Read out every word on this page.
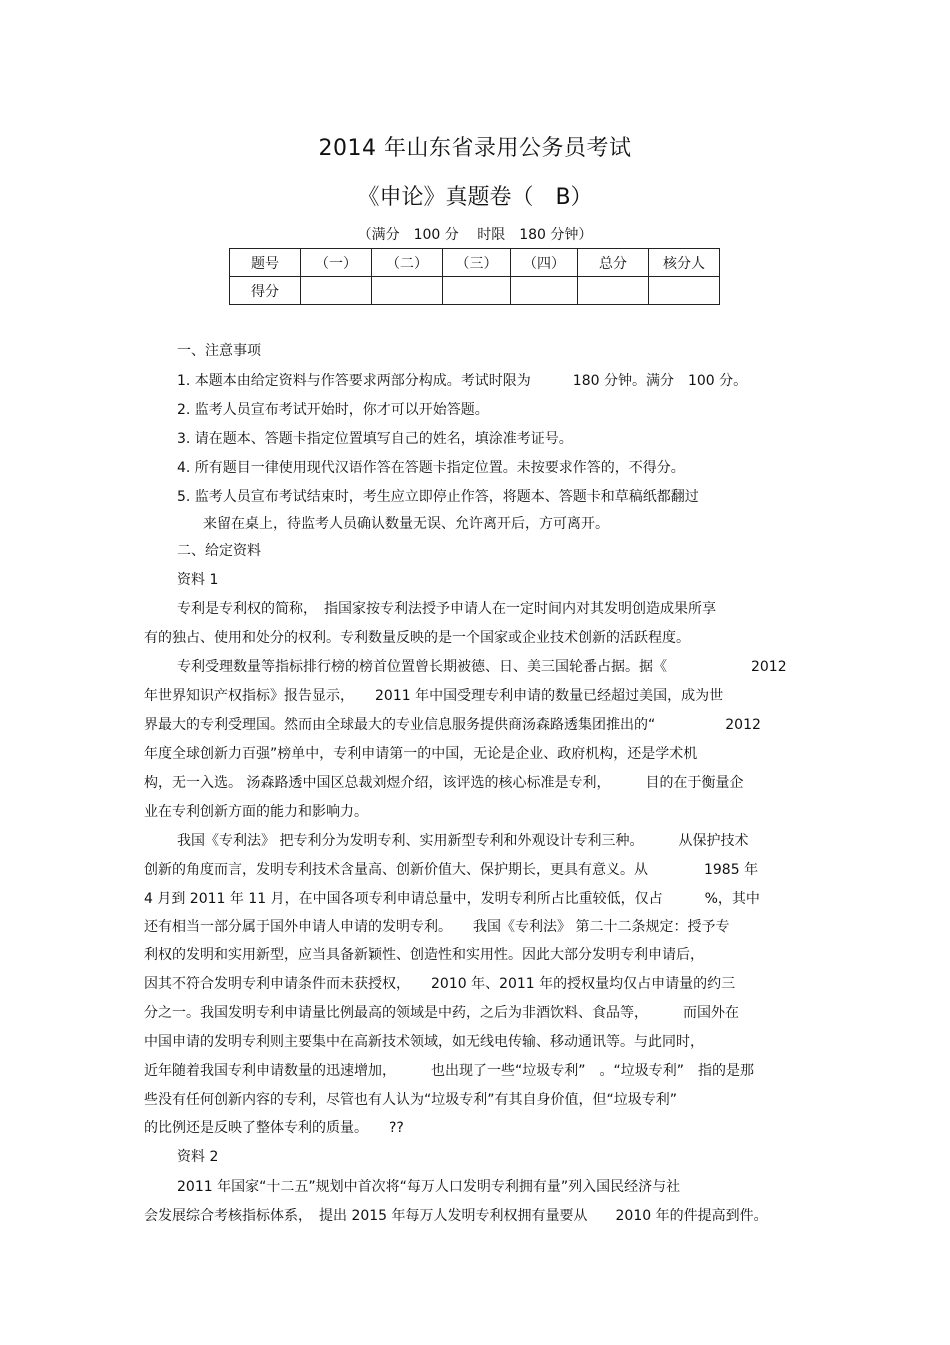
2014 年山东省录用公务员考试
《申论》真题卷（　B）
（满分　100 分　 时限　180 分钟）
题号	（一）	（二）	（三）	（四）	总分	核分人
得分						
一、注意事项
1. 本题本由给定资料与作答要求两部分构成。考试时限为　　　180 分钟。满分　100 分。
2. 监考人员宣布考试开始时，你才可以开始答题。
3. 请在题本、答题卡指定位置填写自己的姓名，填涂准考证号。
4. 所有题目一律使用现代汉语作答在答题卡指定位置。未按要求作答的，不得分。
5. 监考人员宣布考试结束时，考生应立即停止作答，将题本、答题卡和草稿纸都翻过
来留在桌上，待监考人员确认数量无误、允许离开后，方可离开。
二、给定资料
资料 1
专利是专利权的简称，　指国家按专利法授予申请人在一定时间内对其发明创造成果所享
有的独占、使用和处分的权利。专利数量反映的是一个国家或企业技术创新的活跃程度。
专利受理数量等指标排行榜的榜首位置曾长期被德、日、美三国轮番占据。据《　　　　　　2012
年世界知识产权指标》报告显示，　　2011 年中国受理专利申请的数量已经超过美国，成为世
界最大的专利受理国。然而由全球最大的专业信息服务提供商汤森路透集团推出的“　　　　　2012
年度全球创新力百强”榜单中，专利申请第一的中国，无论是企业、政府机构，还是学术机
构，无一入选。 汤森路透中国区总裁刘煜介绍，该评选的核心标准是专利，　　　目的在于衡量企
业在专利创新方面的能力和影响力。
我国《专利法》 把专利分为发明专利、实用新型专利和外观设计专利三种。　　　从保护技术
创新的角度而言，发明专利技术含量高、创新价值大、保护期长，更具有意义。从　　　　1985 年
4 月到 2011 年 11 月，在中国各项专利申请总量中，发明专利所占比重较低，仅占　　　%，其中
还有相当一部分属于国外申请人申请的发明专利。　　我国《专利法》 第二十二条规定：授予专
利权的发明和实用新型，应当具备新颖性、创造性和实用性。因此大部分发明专利申请后，
因其不符合发明专利申请条件而未获授权，　　2010 年、2011 年的授权量均仅占申请量的约三
分之一。我国发明专利申请量比例最高的领域是中药，之后为非酒饮料、食品等，　　　而国外在
中国申请的发明专利则主要集中在高新技术领域，如无线电传输、移动通讯等。与此同时，
近年随着我国专利申请数量的迅速增加，　　　也出现了一些“垃圾专利”　。“垃圾专利”　指的是那
些没有任何创新内容的专利，尽管也有人认为“垃圾专利”有其自身价值，但“垃圾专利”
的比例还是反映了整体专利的质量。　　??
资料 2
2011 年国家“十二五”规划中首次将“每万人口发明专利拥有量”列入国民经济与社
会发展综合考核指标体系，　提出 2015 年每万人发明专利权拥有量要从　　2010 年的件提高到件。
